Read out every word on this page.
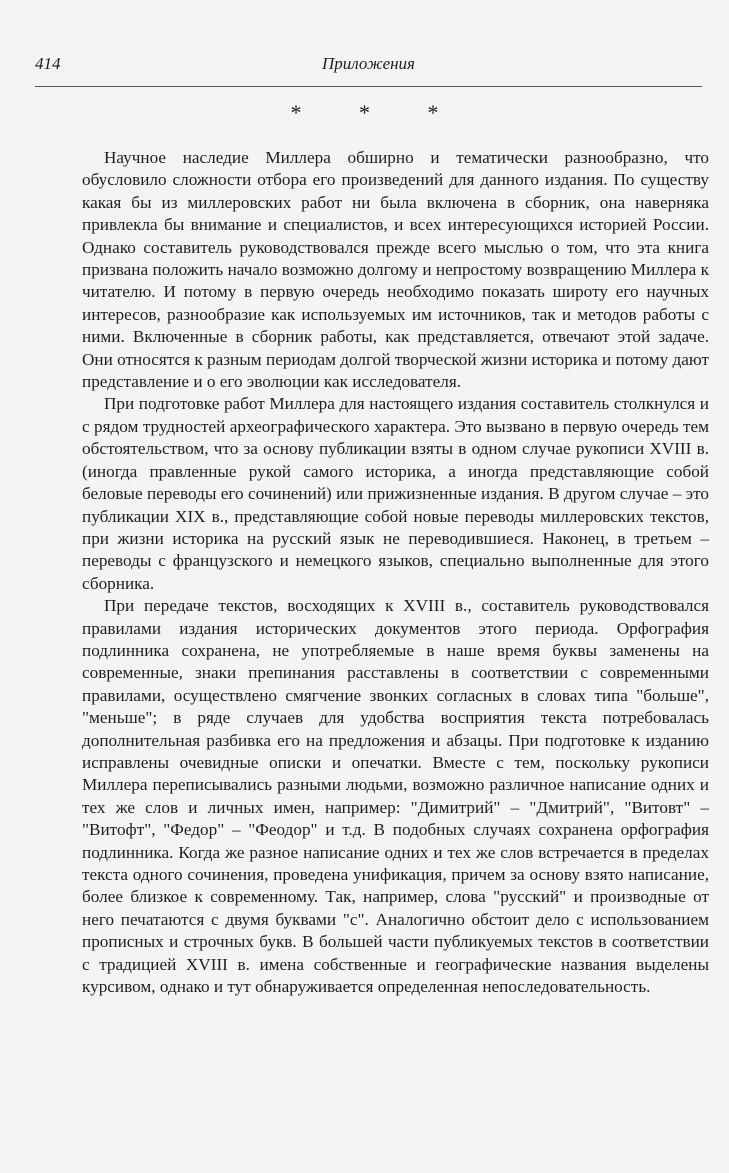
414	Приложения
* * *

Научное наследие Миллера обширно и тематически разнообразно, что обусловило сложности отбора его произведений для данного издания. По существу какая бы из миллеровских работ ни была включена в сборник, она наверняка привлекла бы внимание и специалистов, и всех интересующихся историей России. Однако составитель руководствовался прежде всего мыслью о том, что эта книга призвана положить начало возможно долгому и непростому возвращению Миллера к читателю. И потому в первую очередь необходимо показать широту его научных интересов, разнообразие как используемых им источников, так и методов работы с ними. Включенные в сборник работы, как представляется, отвечают этой задаче. Они относятся к разным периодам долгой творческой жизни историка и потому дают представление и о его эволюции как исследователя.

При подготовке работ Миллера для настоящего издания составитель столкнулся и с рядом трудностей археографического характера. Это вызвано в первую очередь тем обстоятельством, что за основу публикации взяты в одном случае рукописи XVIII в. (иногда правленные рукой самого историка, а иногда представляющие собой беловые переводы его сочинений) или прижизненные издания. В другом случае – это публикации XIX в., представляющие собой новые переводы миллеровских текстов, при жизни историка на русский язык не переводившиеся. Наконец, в третьем – переводы с французского и немецкого языков, специально выполненные для этого сборника.

При передаче текстов, восходящих к XVIII в., составитель руководствовался правилами издания исторических документов этого периода. Орфография подлинника сохранена, не употребляемые в наше время буквы заменены на современные, знаки препинания расставлены в соответствии с современными правилами, осуществлено смягчение звонких согласных в словах типа "больше", "меньше"; в ряде случаев для удобства восприятия текста потребовалась дополнительная разбивка его на предложения и абзацы. При подготовке к изданию исправлены очевидные описки и опечатки. Вместе с тем, поскольку рукописи Миллера переписывались разными людьми, возможно различное написание одних и тех же слов и личных имен, например: "Димитрий" – "Дмитрий", "Витовт" – "Витофт", "Федор" – "Феодор" и т.д. В подобных случаях сохранена орфография подлинника. Когда же разное написание одних и тех же слов встречается в пределах текста одного сочинения, проведена унификация, причем за основу взято написание, более близкое к современному. Так, например, слова "русский" и производные от него печатаются с двумя буквами "с". Аналогично обстоит дело с использованием прописных и строчных букв. В большей части публикуемых текстов в соответствии с традицией XVIII в. имена собственные и географические названия выделены курсивом, однако и тут обнаруживается определенная непоследовательность.
